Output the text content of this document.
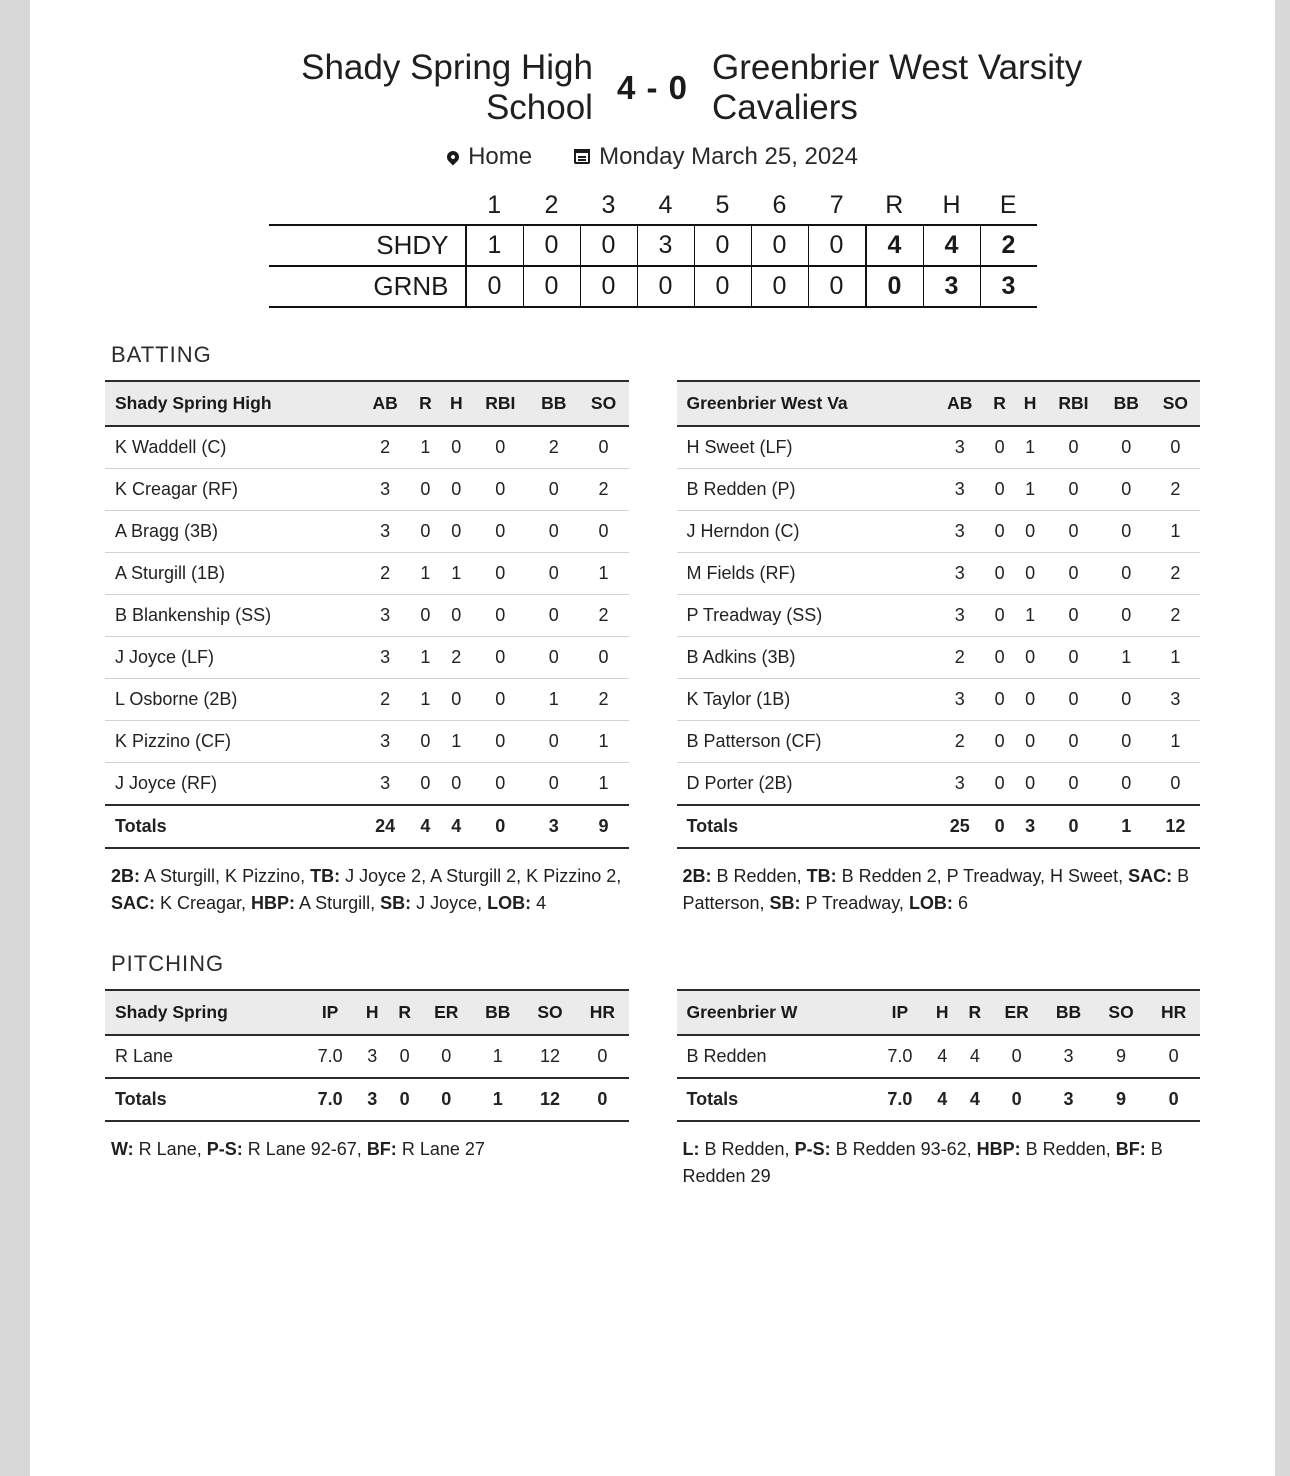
Shady Spring High School
4 - 0
Greenbrier West Varsity Cavaliers
Home	Monday March 25, 2024
	1	2	3	4	5	6	7	R	H	E
SHDY	1	0	0	3	0	0	0	4	4	2
GRNB	0	0	0	0	0	0	0	0	3	3
BATTING
Shady Spring High	AB	R	H	RBI	BB	SO
K Waddell (C)	2	1	0	0	2	0
K Creagar (RF)	3	0	0	0	0	2
A Bragg (3B)	3	0	0	0	0	0
A Sturgill (1B)	2	1	1	0	0	1
B Blankenship (SS)	3	0	0	0	0	2
J Joyce (LF)	3	1	2	0	0	0
L Osborne (2B)	2	1	0	0	1	2
K Pizzino (CF)	3	0	1	0	0	1
J Joyce (RF)	3	0	0	0	0	1
Totals	24	4	4	0	3	9
2B: A Sturgill, K Pizzino, TB: J Joyce 2, A Sturgill 2, K Pizzino 2, SAC: K Creagar, HBP: A Sturgill, SB: J Joyce, LOB: 4
Greenbrier West Va	AB	R	H	RBI	BB	SO
H Sweet (LF)	3	0	1	0	0	0
B Redden (P)	3	0	1	0	0	2
J Herndon (C)	3	0	0	0	0	1
M Fields (RF)	3	0	0	0	0	2
P Treadway (SS)	3	0	1	0	0	2
B Adkins (3B)	2	0	0	0	1	1
K Taylor (1B)	3	0	0	0	0	3
B Patterson (CF)	2	0	0	0	0	1
D Porter (2B)	3	0	0	0	0	0
Totals	25	0	3	0	1	12
2B: B Redden, TB: B Redden 2, P Treadway, H Sweet, SAC: B Patterson, SB: P Treadway, LOB: 6
PITCHING
Shady Spring	IP	H	R	ER	BB	SO	HR
R Lane	7.0	3	0	0	1	12	0
Totals	7.0	3	0	0	1	12	0
W: R Lane, P-S: R Lane 92-67, BF: R Lane 27
Greenbrier W	IP	H	R	ER	BB	SO	HR
B Redden	7.0	4	4	0	3	9	0
Totals	7.0	4	4	0	3	9	0
L: B Redden, P-S: B Redden 93-62, HBP: B Redden, BF: B Redden 29
